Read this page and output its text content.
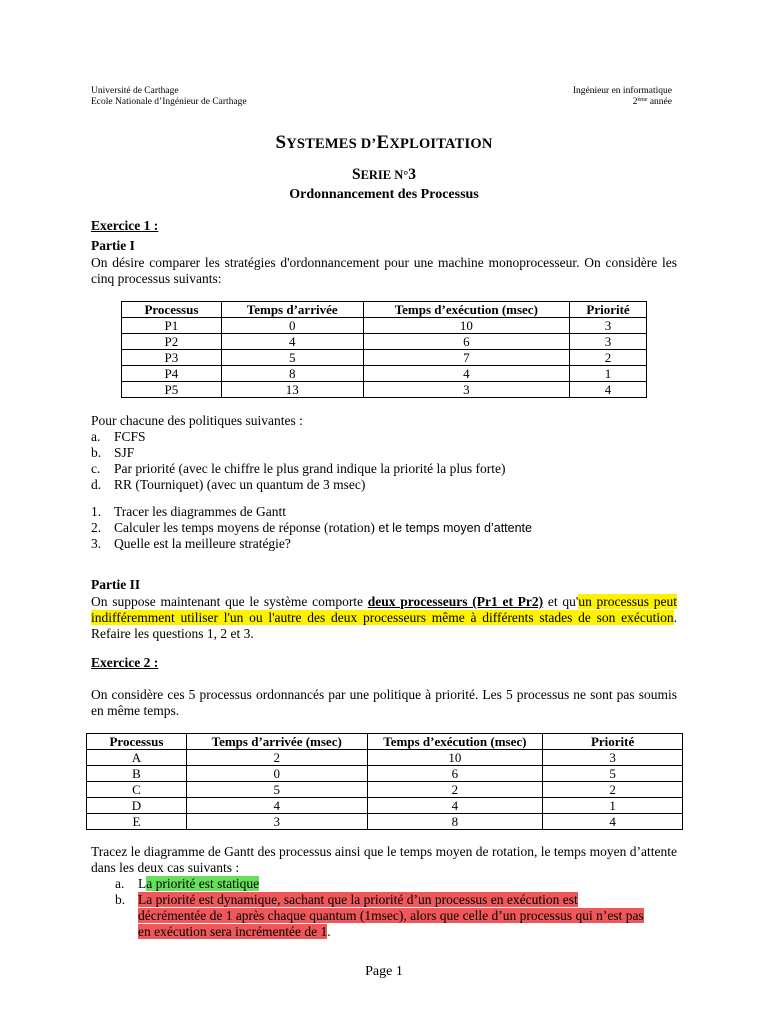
Université de Carthage
Ecole Nationale d’Ingénieur de Carthage
Ingénieur en informatique
2ème année
SYSTEMES D’EXPLOITATION
SERIE N°3
Ordonnancement des Processus
Exercice 1 :
Partie I
On désire comparer les stratégies d'ordonnancement pour une machine monoprocesseur. On considère les cinq processus suivants:
Processus	Temps d’arrivée	Temps d’exécution (msec)	Priorité
P1	0	10	3
P2	4	6	3
P3	5	7	2
P4	8	4	1
P5	13	3	4
Pour chacune des politiques suivantes :
a. FCFS
b. SJF
c. Par priorité (avec le chiffre le plus grand indique la priorité la plus forte)
d. RR (Tourniquet) (avec un quantum de 3 msec)
1. Tracer les diagrammes de Gantt
2. Calculer les temps moyens de réponse (rotation) et le temps moyen d’attente
3. Quelle est la meilleure stratégie?
Partie II
On suppose maintenant que le système comporte deux processeurs (Pr1 et Pr2) et qu'un processus peut indifféremment utiliser l'un ou l'autre des deux processeurs même à différents stades de son exécution. Refaire les questions 1, 2 et 3.
Exercice 2 :
On considère ces 5 processus ordonnancés par une politique à priorité. Les 5 processus ne sont pas soumis en même temps.
Processus	Temps d’arrivée (msec)	Temps d’exécution (msec)	Priorité
A	2	10	3
B	0	6	5
C	5	2	2
D	4	4	1
E	3	8	4
Tracez le diagramme de Gantt des processus ainsi que le temps moyen de rotation, le temps moyen d’attente dans les deux cas suivants :
a. La priorité est statique
b. La priorité est dynamique, sachant que la priorité d’un processus en exécution est décrémentée de 1 après chaque quantum (1msec), alors que celle d’un processus qui n’est pas en exécution sera incrémentée de 1.
Page 1
